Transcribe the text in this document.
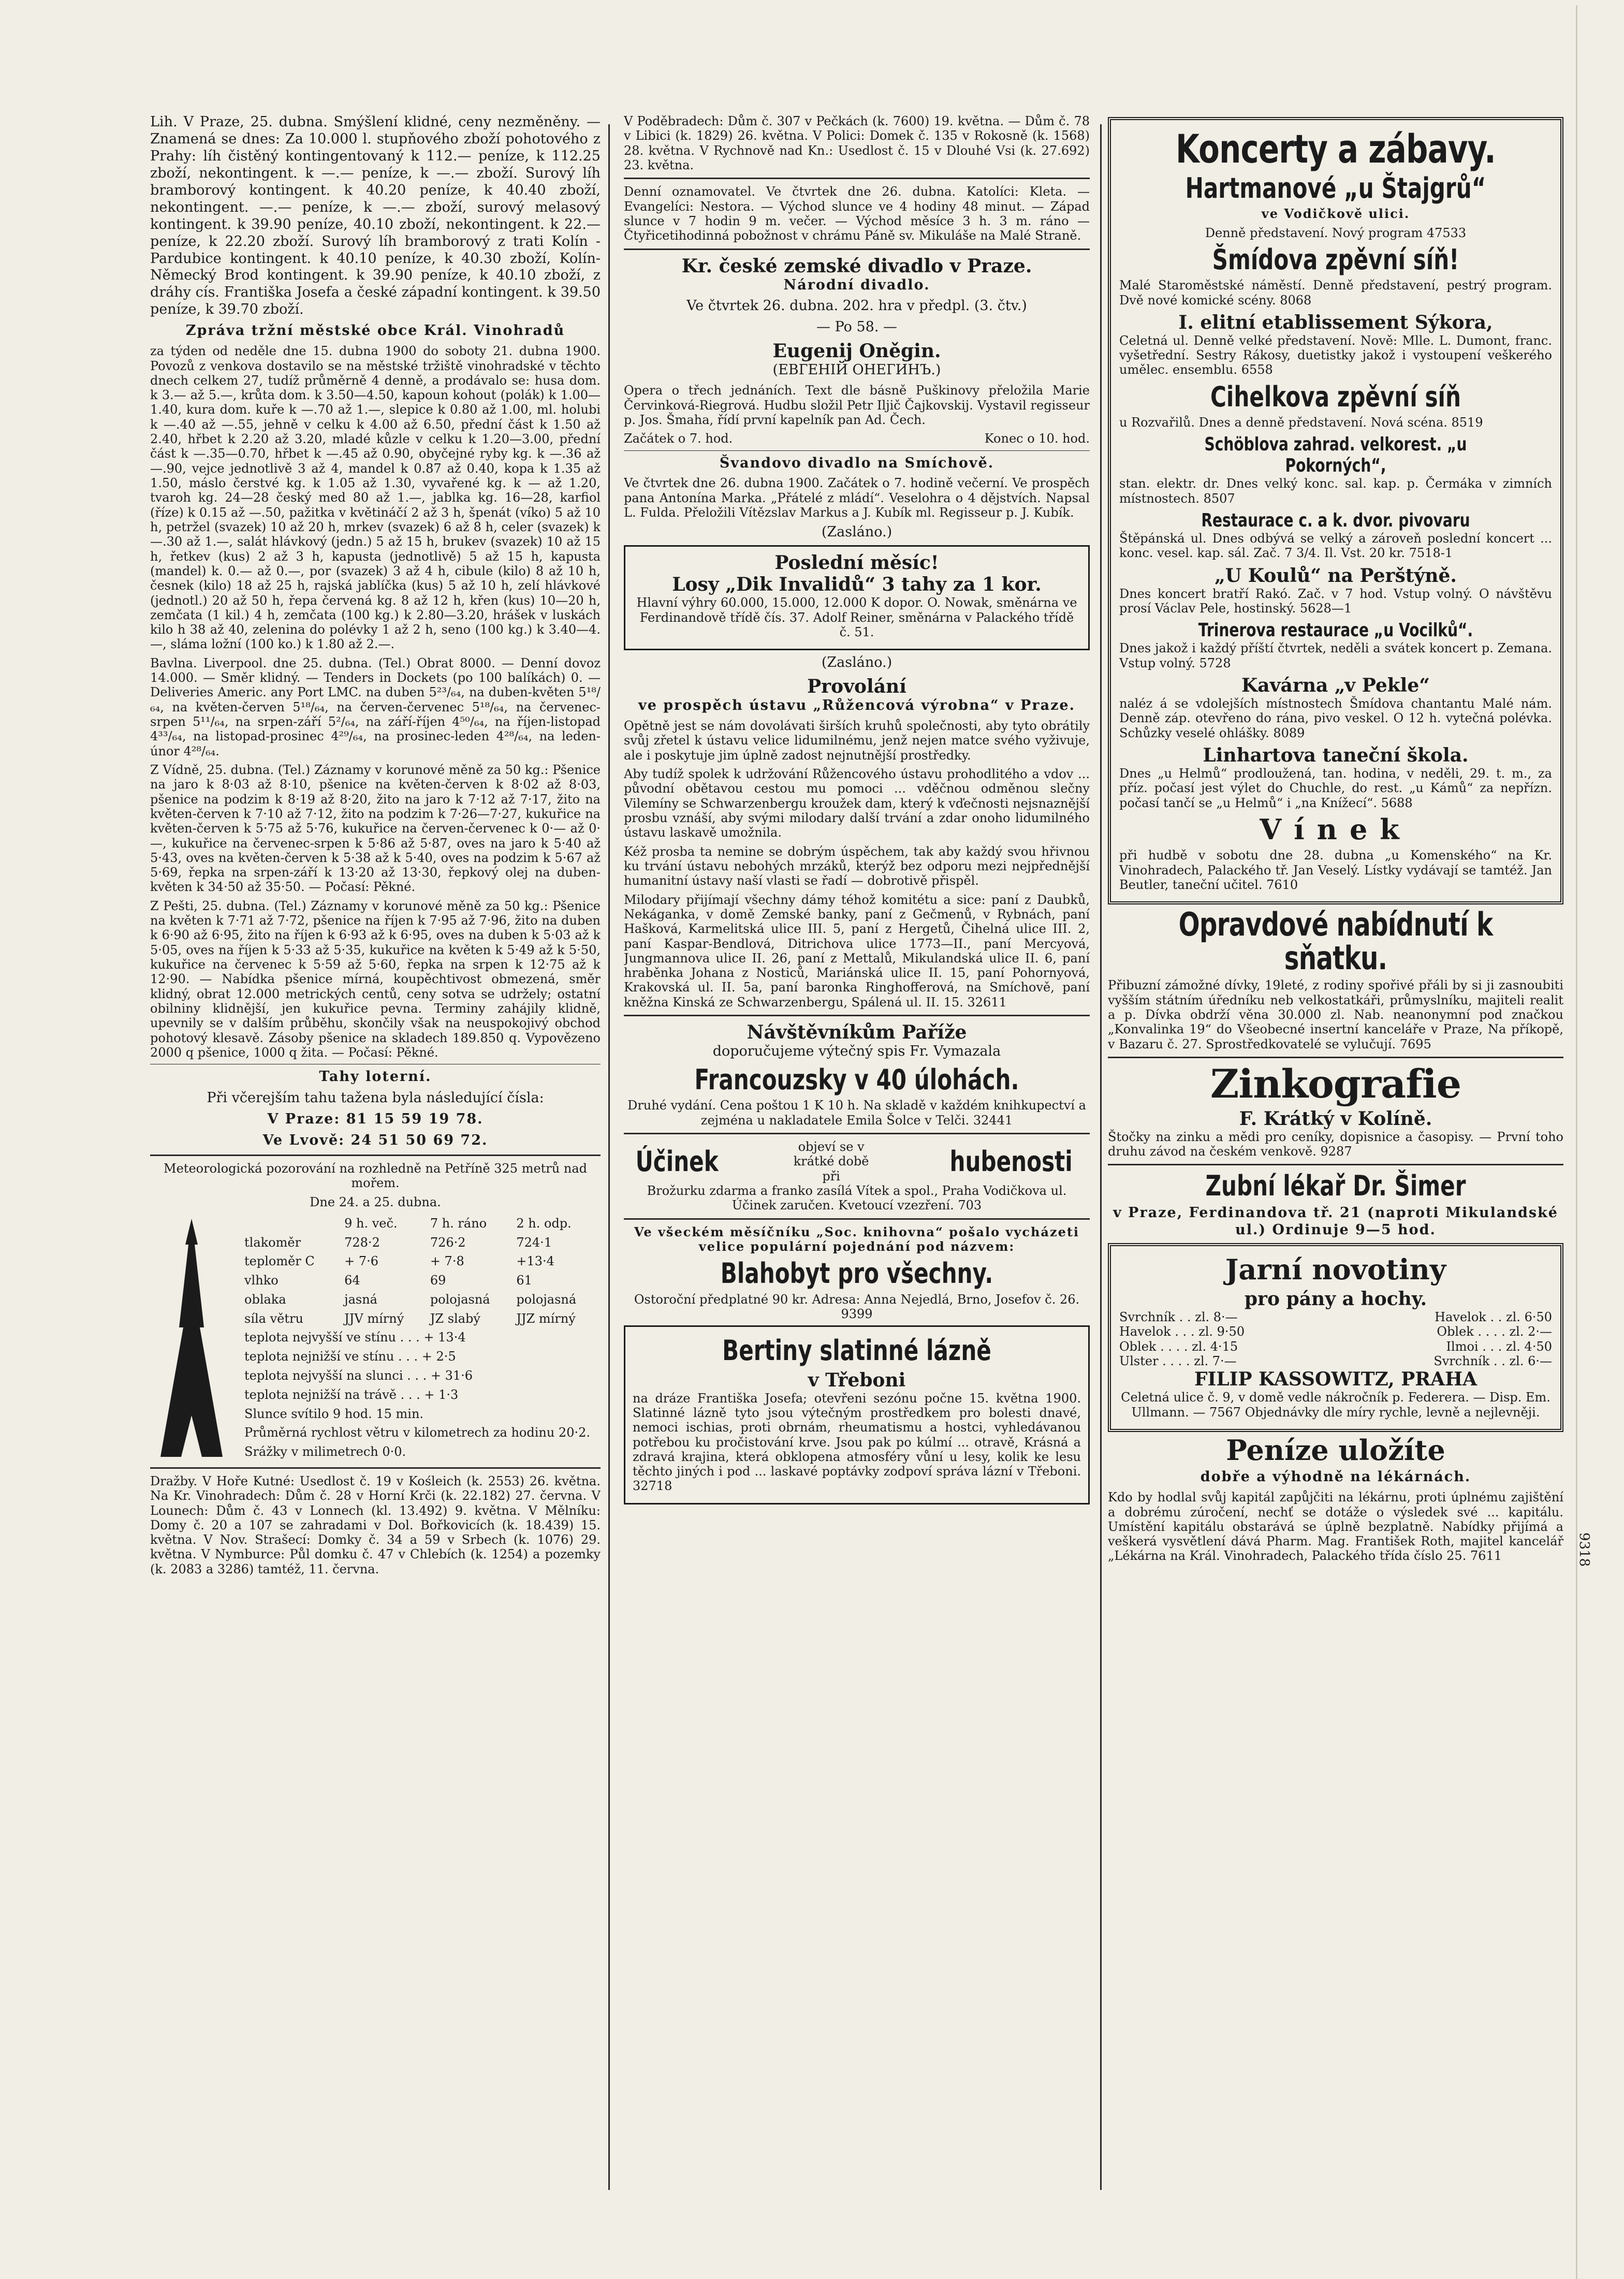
Lih. V Praze, 25. dubna. Smýšlení klidné, ceny nezměněny. — Znamená se dnes: Za 10.000 l. stupňového zboží pohotového z Prahy: líh čistěný kontingentovaný k 112.— peníze, k 112.25 zboží, nekontingent. k —.— peníze, k —.— zboží. Surový líh bramborový kontingent. k 40.20 peníze, k 40.40 zboží, nekontingent. —.— peníze, k —.— zboží, surový melasový kontingent. k 39.90 peníze, 40.10 zboží, nekontingent. k 22.— peníze, k 22.20 zboží. Surový líh bramborový z trati Kolín - Pardubice kontingent. k 40.10 peníze, k 40.30 zboží, Kolín-Německý Brod kontingent. k 39.90 peníze, k 40.10 zboží, z dráhy cís. Františka Josefa a české západní kontingent. k 39.50 peníze, k 39.70 zboží.

Zpráva tržní městské obce Král. Vinohradů

za týden od neděle dne 15. dubna 1900 do soboty 21. dubna 1900. Povozů z venkova dostavilo se na městské tržiště vinohradské v těchto dnech celkem 27, tudíž průměrně 4 denně, a prodávalo se: husa dom. k 3.— až 5.—, krůta dom. k 3.50—4.50, kapoun kohout (polák) k 1.00—1.40, kura dom. kuře k —.70 až 1.—, slepice k 0.80 až 1.00, ml. holubi k —.40 až —.55, jehně v celku k 4.00 až 6.50, přední část k 1.50 až 2.40, hřbet k 2.20 až 3.20, mladé kůzle v celku k 1.20—3.00, přední část k —.35—0.70, hřbet k —.45 až 0.90, obyčejné ryby kg. k —.36 až —.90, vejce jednotlivě 3 až 4, mandel k 0.87 až 0.40, kopa k 1.35 až 1.50, máslo čerstvé kg. k 1.05 až 1.30, vyvařené kg. k — až 1.20, tvaroh kg. 24—28 český med 80 až 1.—, jablka kg. 16—28, karfiol (říze) k 0.15 až —.50, pažitka v květináčí 2 až 3 h, špenát (víko) 5 až 10 h, petržel (svazek) 10 až 20 h, mrkev (svazek) 6 až 8 h, celer (svazek) k —.30 až 1.—, salát hlávkový (jedn.) 5 až 15 h, brukev (svazek) 10 až 15 h, řetkev (kus) 2 až 3 h, kapusta (jednotlivě) 5 až 15 h, kapusta (mandel) k. 0.— až 0.—, por (svazek) 3 až 4 h, cibule (kilo) 8 až 10 h, česnek (kilo) 18 až 25 h, rajská jablíčka (kus) 5 až 10 h, zelí hlávkové (jednotl.) 20 až 50 h, řepa červená kg. 8 až 12 h, křen (kus) 10—20 h, zemčata (1 kil.) 4 h, zemčata (100 kg.) k 2.80—3.20, hrášek v luskách kilo h 38 až 40, zelenina do polévky 1 až 2 h, seno (100 kg.) k 3.40—4.—, sláma ložní (100 ko.) k 1.80 až 2.—.

Bavlna. Liverpool. dne 25. dubna. (Tel.) Obrat 8000. — Denní dovoz 14.000. — Směr klidný. — Tenders in Dockets (po 100 balíkách) 0. — Deliveries Americ. any Port LMC. na duben 5²³/₆₄, na duben-květen 5¹⁸/₆₄, na květen-červen 5¹⁸/₆₄, na červen-červenec 5¹⁸/₆₄, na červenec-srpen 5¹¹/₆₄, na srpen-září 5²/₆₄, na září-říjen 4⁵⁰/₆₄, na říjen-listopad 4³³/₆₄, na listopad-prosinec 4²⁹/₆₄, na prosinec-leden 4²⁸/₆₄, na leden-únor 4²⁸/₆₄.

Z Vídně, 25. dubna. (Tel.) Záznamy v korunové měně za 50 kg.: Pšenice na jaro k 8·03 až 8·10, pšenice na květen-červen k 8·02 až 8·03, pšenice na podzim k 8·19 až 8·20, žito na jaro k 7·12 až 7·17, žito na květen-červen k 7·10 až 7·12, žito na podzim k 7·26—7·27, kukuřice na květen-červen k 5·75 až 5·76, kukuřice na červen-červenec k 0·— až 0·—, kukuřice na červenec-srpen k 5·86 až 5·87, oves na jaro k 5·40 až 5·43, oves na květen-červen k 5·38 až k 5·40, oves na podzim k 5·67 až 5·69, řepka na srpen-září k 13·20 až 13·30, řepkový olej na duben-květen k 34·50 až 35·50. — Počasí: Pěkné.

Z Pešti, 25. dubna. (Tel.) Záznamy v korunové měně za 50 kg.: Pšenice na květen k 7·71 až 7·72, pšenice na říjen k 7·95 až 7·96, žito na duben k 6·90 až 6·95, žito na říjen k 6·93 až k 6·95, oves na duben k 5·03 až k 5·05, oves na říjen k 5·33 až 5·35, kukuřice na květen k 5·49 až k 5·50, kukuřice na červenec k 5·59 až 5·60, řepka na srpen k 12·75 až k 12·90. — Nabídka pšenice mírná, koupěchtivost obmezená, směr klidný, obrat 12.000 metrických centů, ceny sotva se udržely; ostatní obilniny klidnější, jen kukuřice pevna. Terminy zahájily klidně, upevnily se v dalším průběhu, skončily však na neuspokojivý obchod pohotový klesavě. Zásoby pšenice na skladech 189.850 q. Vypovězeno 2000 q pšenice, 1000 q žita. — Počasí: Pěkné.

Tahy loterní.

Při včerejším tahu tažena byla následující čísla:

V Praze: 81 15 59 19 78.

Ve Lvově: 24 51 50 69 72.

Meteorologická pozorování na rozhledně na Petříně 325 metrů nad mořem.

Dne 24. a 25. dubna.

	9 h. več.	7 h. ráno	2 h. odp.
tlakoměr	728·2	726·2	724·1
teploměr C	+ 7·6	+ 7·8	+13·4
vlhko	64	69	61
oblaka	jasná	polojasná	polojasná
síla větru	JJV mírný	JZ slabý	JJZ mírný
teplota nejvyšší ve stínu . . . + 13·4			
teplota nejnižší ve stínu . . . + 2·5			
teplota nejvyšší na slunci . . . + 31·6			
teplota nejnižší na trávě . . . + 1·3			
Slunce svítilo 9 hod. 15 min.			
Průměrná rychlost větru v kilometrech za hodinu 20·2.			
Srážky v milimetrech 0·0.			

Dražby. V Hoře Kutné: Usedlost č. 19 v Kośleich (k. 2553) 26. května. Na Kr. Vinohradech: Dům č. 28 v Horní Krči (k. 22.182) 27. června. V Lounech: Dům č. 43 v Lonnech (kl. 13.492) 9. května. V Mělníku: Domy č. 20 a 107 se zahradami v Dol. Bořkovicích (k. 18.439) 15. května. V Nov. Strašecí: Domky č. 34 a 59 v Srbech (k. 1076) 29. května. V Nymburce: Půl domku č. 47 v Chlebích (k. 1254) a pozemky (k. 2083 a 3286) tamtéž, 11. června.

V Poděbradech: Dům č. 307 v Pečkách (k. 7600) 19. května. — Dům č. 78 v Libici (k. 1829) 26. května. V Polici: Domek č. 135 v Rokosně (k. 1568) 28. května. V Rychnově nad Kn.: Usedlost č. 15 v Dlouhé Vsi (k. 27.692) 23. května.

Denní oznamovatel. Ve čtvrtek dne 26. dubna. Katolíci: Kleta. — Evangelíci: Nestora. — Východ slunce ve 4 hodiny 48 minut. — Západ slunce v 7 hodin 9 m. večer. — Východ měsíce 3 h. 3 m. ráno — Čtyřicetihodinná pobožnost v chrámu Páně sv. Mikuláše na Malé Straně.

Kr. české zemské divadlo v Praze.

Národní divadlo.

Ve čtvrtek 26. dubna. 202. hra v předpl. (3. čtv.)

— Po 58. —

Eugenij Oněgin.

(ЕВГЕНІЙ ОНЕГИНЪ.)

Opera o třech jednáních. Text dle básně Puškinovy přeložila Marie Červinková-Riegrová. Hudbu složil Petr Iljič Čajkovskij. Vystavil regisseur p. Jos. Šmaha, řídí první kapelník pan Ad. Čech.

Začátek o 7. hod.	Konec o 10. hod.

Švandovo divadlo na Smíchově.

Ve čtvrtek dne 26. dubna 1900. Začátek o 7. hodině večerní. Ve prospěch pana Antonína Marka. „Přátelé z mládí“. Veselohra o 4 dějstvích. Napsal L. Fulda. Přeložili Vítězslav Markus a J. Kubík ml. Regisseur p. J. Kubík.

(Zasláno.)

Poslední měsíc!
Losy „Dik Invalidů“ 3 tahy za 1 kor.

Hlavní výhry 60.000, 15.000, 12.000 K dopor. O. Nowak, směnárna ve Ferdinandově třídě čís. 37. Adolf Reiner, směnárna v Palackého třídě č. 51.

(Zasláno.)

Provolání

ve prospěch ústavu „Růžencová výrobna“ v Praze.

Opětně jest se nám dovolávati širších kruhů společnosti, aby tyto obrátily svůj zřetel k ústavu velice lidumilnému, jenž nejen matce svého vyživuje, ale i poskytuje jim úplně zadost nejnutnější prostředky.

Aby tudíž spolek k udržování Růžencového ústavu prohodlitého a vdov ... původní obětavou cestou mu pomoci ... vděčnou odměnou slečny Vilemíny se Schwarzenbergu kroužek dam, který k vďečnosti nejsnaznější prosbu vznáší, aby svými milodary další trvání a zdar onoho lidumilného ústavu laskavě umožnila.

Kéž prosba ta nemine se dobrým úspěchem, tak aby každý svou hřivnou ku trvání ústavu nebohých mrzáků, kterýž bez odporu mezi nejpřednější humanitní ústavy naší vlasti se řadí — dobrotivě přispěl.

Milodary přijímají všechny dámy téhož komitétu a sice: paní z Daubků, Nekáganka, v domě Zemské banky, paní z Gečmenů, v Rybnách, paní Hašková, Karmelitská ulice III. 5, paní z Hergetů, Čihelná ulice III. 2, paní Kaspar-Bendlová, Ditrichova ulice 1773—II., paní Mercyová, Jungmannova ulice II. 26, paní z Mettalů, Mikulandská ulice II. 6, paní hraběnka Johana z Nosticů, Mariánská ulice II. 15, paní Pohornyová, Krakovská ul. II. 5a, paní baronka Ringhofferová, na Smíchově, paní kněžna Kinská ze Schwarzenbergu, Spálená ul. II. 15. 32611

Návštěvníkům Paříže

doporučujeme výtečný spis Fr. Vymazala

Francouzsky v 40 úlohách.

Druhé vydání. Cena poštou 1 K 10 h. Na skladě v každém knihkupectví a zejména u nakladatele Emila Šolce v Telči. 32441

Účinek	objeví se v krátké době při	hubenosti

Brožurku zdarma a franko zasílá Vítek a spol., Praha Vodičkova ul. Účinek zaručen. Kvetoucí vzezření. 703

Ve všeckém měsíčníku „Soc. knihovna“ pošalo vycházeti velice populární pojednání pod názvem:

Blahobyt pro všechny.

Ostoroční předplatné 90 kr. Adresa: Anna Nejedlá, Brno, Josefov č. 26. 9399

Bertiny slatinné lázně
v Třeboni

na dráze Františka Josefa; otevřeni sezónu počne 15. května 1900. Slatinné lázně tyto jsou výtečným prostředkem pro bolesti dnavé, nemoci ischias, proti obrnám, rheumatismu a hostci, vyhledávanou potřebou ku pročistování krve. Jsou pak po kúlmí ... otravě, Krásná a zdravá krajina, která obklopena atmosféry vůní u lesy, kolik ke lesu těchto jiných i pod ... laskavé poptávky zodpoví správa lázní v Třeboni. 32718

Koncerty a zábavy.
Hartmanové „u Štajgrů“

ve Vodičkově ulici.

Denně představení. Nový program 47533

Šmídova zpěvní síň!

Malé Staroměstské náměstí. Denně představení, pestrý program. Dvě nové komické scény. 8068

I. elitní etablissement Sýkora,

Celetná ul. Denně velké představení. Nově: Mlle. L. Dumont, franc. vyšetřední. Sestry Rákosy, duetistky jakož i vystoupení veškerého umělec. ensemblu. 6558

Cihelkova zpěvní síň

u Rozvařilů. Dnes a denně představení. Nová scéna. 8519

Schöblova zahrad. velkorest. „u Pokorných“,

stan. elektr. dr. Dnes velký konc. sal. kap. p. Čermáka v zimních místnostech. 8507

Restaurace c. a k. dvor. pivovaru

Štěpánská ul. Dnes odbývá se velký a zároveň poslední koncert ... konc. vesel. kap. sál. Zač. 7 3/4. Il. Vst. 20 kr. 7518-1

„U Koulů“ na Perštýně.

Dnes koncert bratří Rakó. Zač. v 7 hod. Vstup volný. O návštěvu prosí Václav Pele, hostinský. 5628—1

Trinerova restaurace „u Vocilků“.

Dnes jakož i každý příští čtvrtek, neděli a svátek koncert p. Zemana. Vstup volný. 5728

Kavárna „v Pekle“

naléz á se vdolejších místnostech Šmídova chantantu Malé nám. Denně záp. otevřeno do rána, pivo veskel. O 12 h. vytečná polévka. Schůzky veselé ohlášky. 8089

Linhartova taneční škola.

Dnes „u Helmů“ prodloužená, tan. hodina, v neděli, 29. t. m., za příz. počasí jest výlet do Chuchle, do rest. „u Kámů“ za nepřízn. počasí tančí se „u Helmů“ i „na Knížecí“. 5688

Vínek

při hudbě v sobotu dne 28. dubna „u Komenského“ na Kr. Vinohradech, Palackého tř. Jan Veselý. Lístky vydávají se tamtéž. Jan Beutler, taneční učitel. 7610

Opravdové nabídnutí k sňatku.

Přibuzní zámožné dívky, 19leté, z rodiny spořivé přáli by si ji zasnoubiti vyšším státním úředníku neb velkostatkáři, průmyslníku, majiteli realit a p. Dívka obdrží věna 30.000 zl. Nab. neanonymní pod značkou „Konvalinka 19“ do Všeobecné insertní kanceláře v Praze, Na příkopě, v Bazaru č. 27. Sprostředkovatelé se vylučují. 7695

Zinkografie
F. Krátký v Kolíně.

Štočky na zinku a mědi pro ceníky, dopisnice a časopisy. — První toho druhu závod na českém venkově. 9287

Zubní lékař Dr. Šimer

v Praze, Ferdinandova tř. 21 (naproti Mikulandské ul.) Ordinuje 9—5 hod.

Jarní novotiny
pro pány a hochy.
Svrchník . . zl. 8·—	Havelok . . zl. 6·50
Havelok . . . zl. 9·50	Oblek . . . . zl. 2·—
Oblek . . . . zl. 4·15	Ilmoi . . . zl. 4·50
Ulster . . . . zl. 7·—	Svrchník . . zl. 6·—
FILIP KASSOWITZ, PRAHA

Celetná ulice č. 9, v domě vedle nákročník p. Federera. — Disp. Em. Ullmann. — 7567 Objednávky dle míry rychle, levně a nejlevněji.

Peníze uložíte

dobře a výhodně na lékárnách.

Kdo by hodlal svůj kapitál zapůjčiti na lékárnu, proti úplnému zajištění a dobrému zúročení, nechť se dotáže o výsledek své ... kapitálu. Umístění kapitálu obstarává se úplně bezplatně. Nabídky přijímá a veškerá vysvětlení dává Pharm. Mag. František Roth, majitel kancelář „Lékárna na Král. Vinohradech, Palackého třída číslo 25. 7611	9318
